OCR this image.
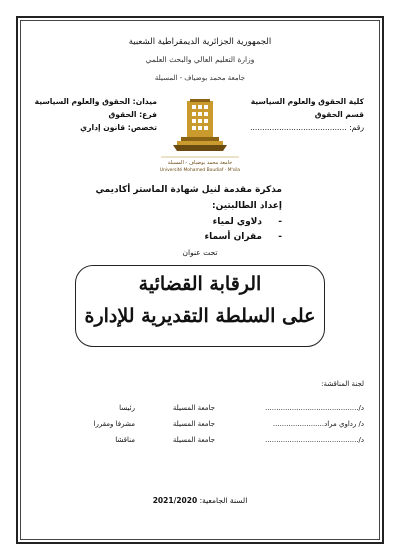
الجمهورية الجزائرية الديمقراطية الشعبية
وزارة التعليم العالي والبحث العلمي
جامعة محمد بوضياف - المسيلة
كلية الحقوق والعلوم السياسية
قسم الحقوق
رقم: ........................................
ميدان: الحقوق والعلوم السياسية
فرع: الحقوق
تخصص: قانون إداري
جامعة محمد بوضياف - المسيلة
Université Mohamed Boudiaf - M'sila
مذكرة مقدمة لنيل شهادة الماستر أكاديمي
إعداد الطالبتين:
-
دلاوي لمياء
-
مقران أسماء
تحت عنوان
الرقابة القضائية
على السلطة التقديرية للإدارة
لجنة المناقشة:
د/..........................................
جامعة المسيلة
رئيسا
د/ رداوي مراد.......................
جامعة المسيلة
مشرفا ومقررا
د/..........................................
جامعة المسيلة
مناقشا
السنة الجامعية: 2021/2020
